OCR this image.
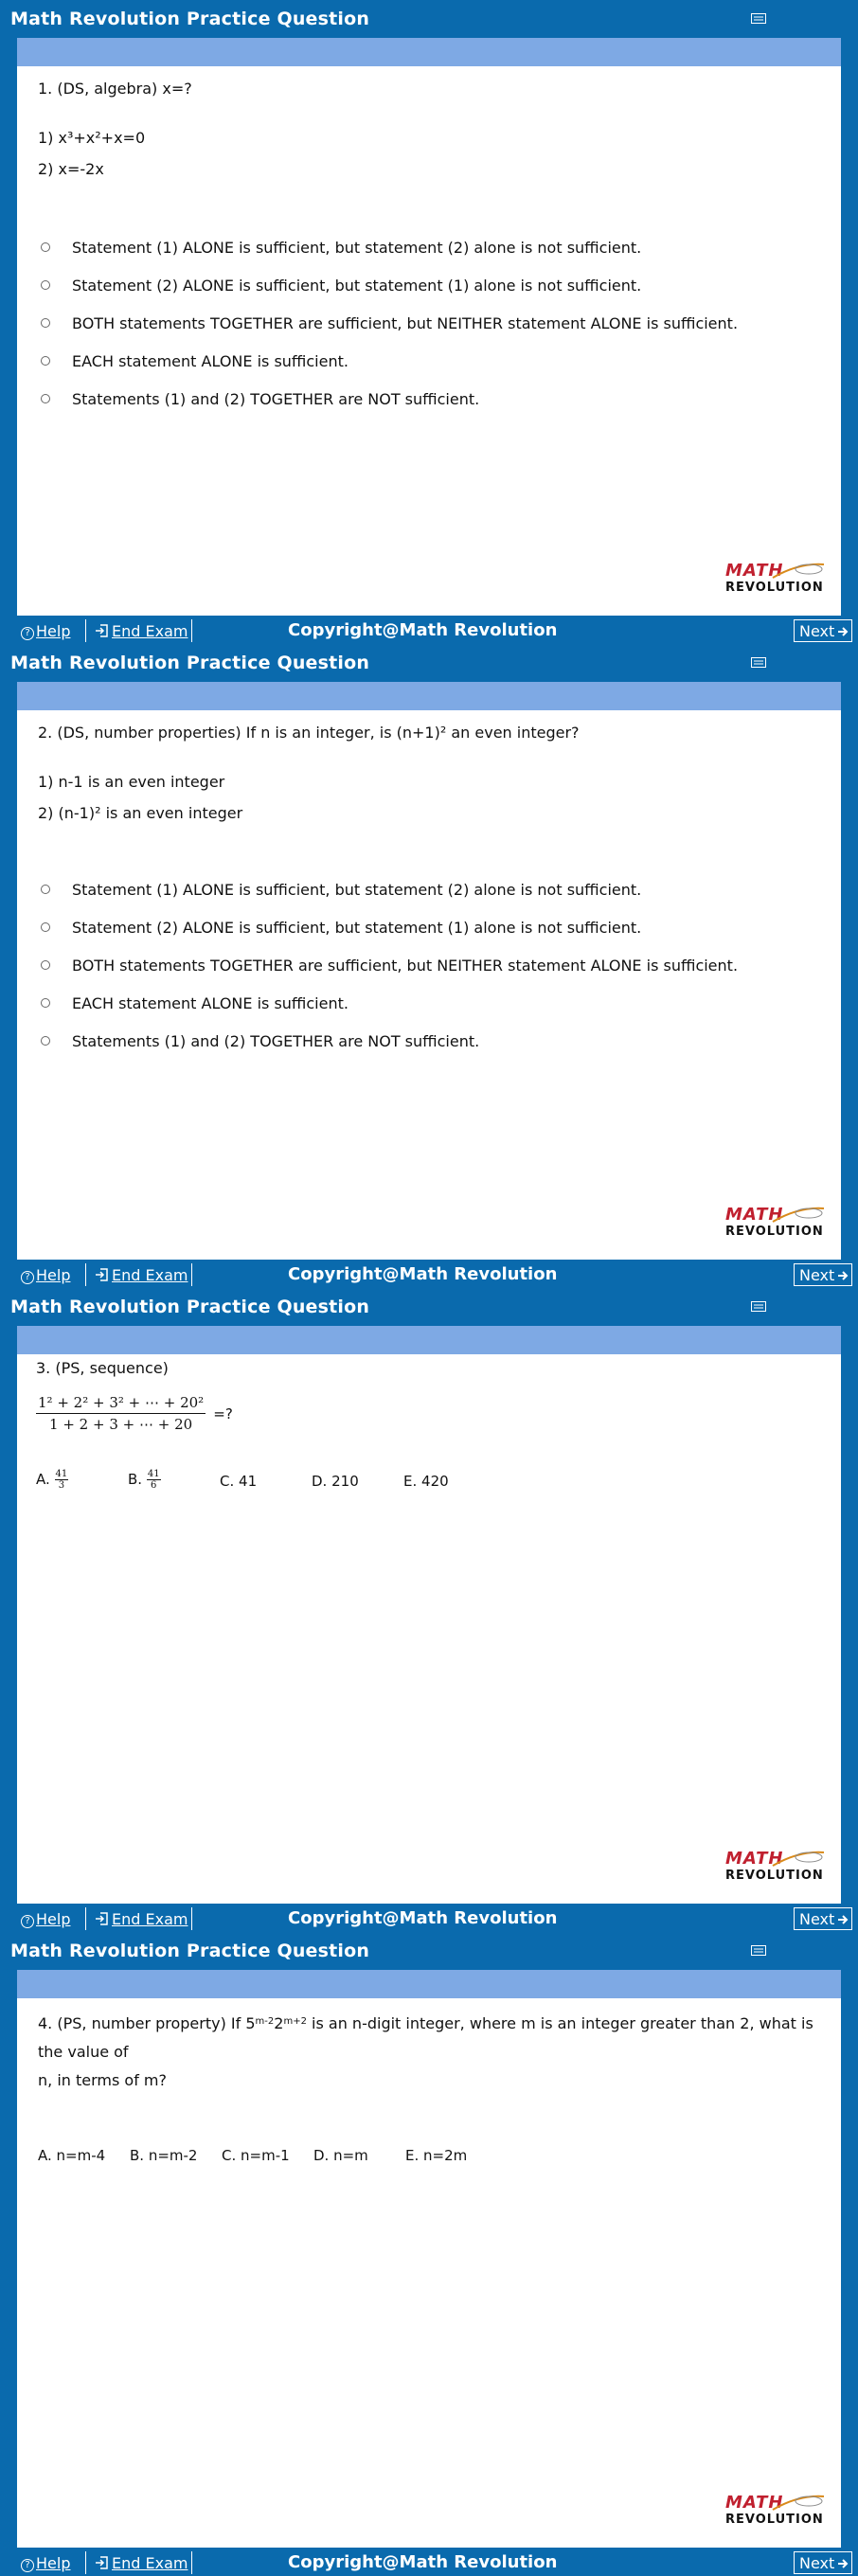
Math Revolution Practice Question
1. (DS, algebra) x=?
1) x³+x²+x=0
2) x=-2x
Statement (1) ALONE is sufficient, but statement (2) alone is not sufficient.
Statement (2) ALONE is sufficient, but statement (1) alone is not sufficient.
BOTH statements TOGETHER are sufficient, but NEITHER statement ALONE is sufficient.
EACH statement ALONE is sufficient.
Statements (1) and (2) TOGETHER are NOT sufficient.
MATH
REVOLUTION
? Help	End Exam	Copyright@Math Revolution	Next
Math Revolution Practice Question
2. (DS, number properties) If n is an integer, is (n+1)² an even integer?
1) n-1 is an even integer
2) (n-1)² is an even integer
Statement (1) ALONE is sufficient, but statement (2) alone is not sufficient.
Statement (2) ALONE is sufficient, but statement (1) alone is not sufficient.
BOTH statements TOGETHER are sufficient, but NEITHER statement ALONE is sufficient.
EACH statement ALONE is sufficient.
Statements (1) and (2) TOGETHER are NOT sufficient.
MATH
REVOLUTION
? Help	End Exam	Copyright@Math Revolution	Next
Math Revolution Practice Question
3. (PS, sequence)
$\frac{\text{1² + 2² + 3² + ⋯ + 20²}}{1 + 2 + 3 + \cdots + 20}$ =?
A. $\frac{41}{3}$	B. $\frac{41}{6}$	C. 41	D. 210	E. 420
MATH
REVOLUTION
? Help	End Exam	Copyright@Math Revolution	Next
Math Revolution Practice Question
4. (PS, number property) If $5^{m-2}2^{m+2}$ is an n-digit integer, where m is an integer greater than 2, what is the value of
n, in terms of m?
A. n=m-4 B. n=m-2 C. n=m-1 D. n=m	E. n=2m
MATH
REVOLUTION
? Help	End Exam	Copyright@Math Revolution	Next
